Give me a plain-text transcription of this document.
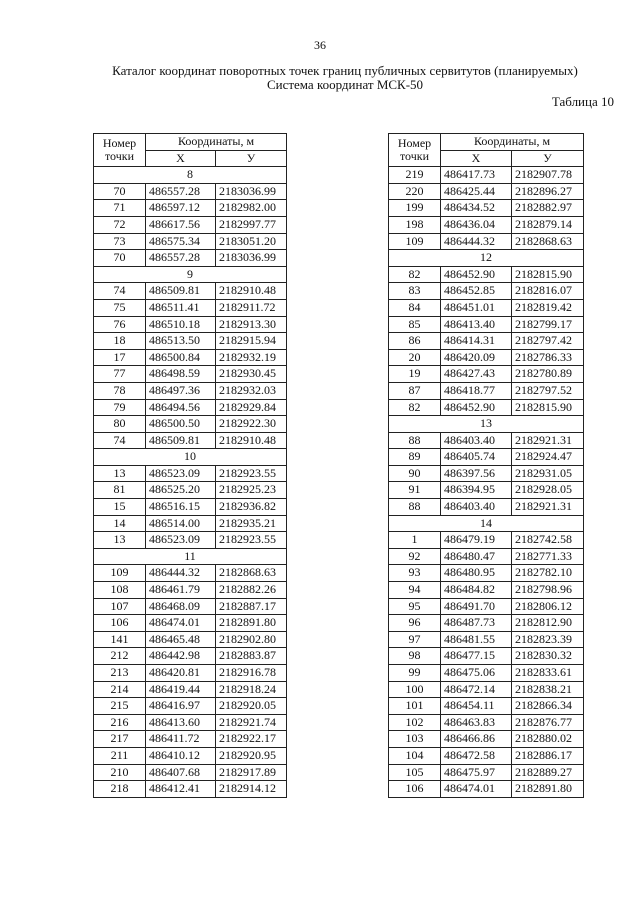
36
Каталог координат поворотных точек границ публичных сервитутов (планируемых)
Система координат МСК-50
Таблица 10
Номер
точки	Координаты, м	
	X	У
8		
70	486557.28	2183036.99
71	486597.12	2182982.00
72	486617.56	2182997.77
73	486575.34	2183051.20
70	486557.28	2183036.99
9		
74	486509.81	2182910.48
75	486511.41	2182911.72
76	486510.18	2182913.30
18	486513.50	2182915.94
17	486500.84	2182932.19
77	486498.59	2182930.45
78	486497.36	2182932.03
79	486494.56	2182929.84
80	486500.50	2182922.30
74	486509.81	2182910.48
10		
13	486523.09	2182923.55
81	486525.20	2182925.23
15	486516.15	2182936.82
14	486514.00	2182935.21
13	486523.09	2182923.55
11		
109	486444.32	2182868.63
108	486461.79	2182882.26
107	486468.09	2182887.17
106	486474.01	2182891.80
141	486465.48	2182902.80
212	486442.98	2182883.87
213	486420.81	2182916.78
214	486419.44	2182918.24
215	486416.97	2182920.05
216	486413.60	2182921.74
217	486411.72	2182922.17
211	486410.12	2182920.95
210	486407.68	2182917.89
218	486412.41	2182914.12
Номер
точки	Координаты, м	
	X	У
219	486417.73	2182907.78
220	486425.44	2182896.27
199	486434.52	2182882.97
198	486436.04	2182879.14
109	486444.32	2182868.63
12		
82	486452.90	2182815.90
83	486452.85	2182816.07
84	486451.01	2182819.42
85	486413.40	2182799.17
86	486414.31	2182797.42
20	486420.09	2182786.33
19	486427.43	2182780.89
87	486418.77	2182797.52
82	486452.90	2182815.90
13		
88	486403.40	2182921.31
89	486405.74	2182924.47
90	486397.56	2182931.05
91	486394.95	2182928.05
88	486403.40	2182921.31
14		
1	486479.19	2182742.58
92	486480.47	2182771.33
93	486480.95	2182782.10
94	486484.82	2182798.96
95	486491.70	2182806.12
96	486487.73	2182812.90
97	486481.55	2182823.39
98	486477.15	2182830.32
99	486475.06	2182833.61
100	486472.14	2182838.21
101	486454.11	2182866.34
102	486463.83	2182876.77
103	486466.86	2182880.02
104	486472.58	2182886.17
105	486475.97	2182889.27
106	486474.01	2182891.80
